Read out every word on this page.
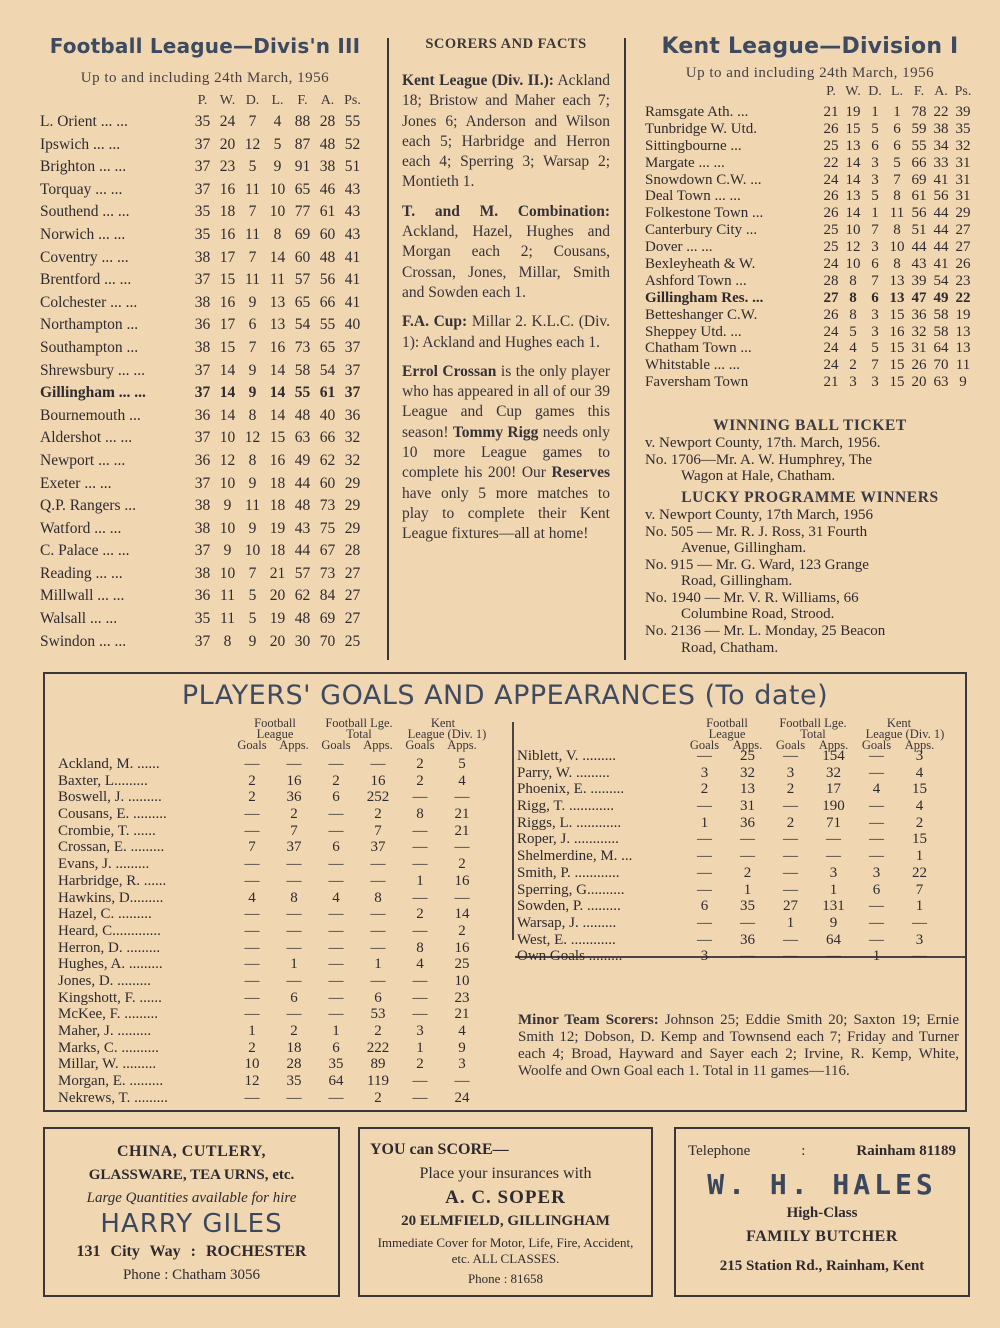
Football League—Divis'n III
Up to and including 24th March, 1956
P. W. D. L. F. A. Ps.
L. Orient ... ...	35 24 7	4 88 28 55
Ipswich ... ...	37 20 12 5 87 48 52
Brighton ... ...	37 23 5	9 91 38 51
Torquay ... ...	37 16 11 10 65 46 43
Southend ... ...	35 18 7 10 77 61 43
Norwich ... ...	35 16 11 8 69 60 43
Coventry ... ...	38 17 7 14 60 48 41
Brentford ... ...	37 15 11 11 57 56 41
Colchester ... ...	38 16 9 13 65 66 41
Northampton ...	36 17 6 13 54 55 40
Southampton ...	38 15 7 16 73 65 37
Shrewsbury ... ...	37 14 9 14 58 54 37
Gillingham ... ...	37 14 9 14 55 61 37
Bournemouth ...	36 14 8 14 48 40 36
Aldershot ... ...	37 10 12 15 63 66 32
Newport ... ...	36 12 8 16 49 62 32
Exeter ... ...	37 10 9 18 44 60 29
Q.P. Rangers ...	38 9 11 18 48 73 29
Watford ... ...	38 10 9 19 43 75 29
C. Palace ... ...	37 9 10 18 44 67 28
Reading ... ...	38 10 7 21 57 73 27
Millwall ... ...	36 11 5 20 62 84 27
Walsall ... ...	35 11 5 19 48 69 27
Swindon ... ...	37 8	9 20 30 70 25
SCORERS AND FACTS

Kent League (Div. II.): Ackland 18; Bristow and Maher each 7; Jones 6; Anderson and Wilson each 5; Harbridge and Herron each 4; Sperring 3; Warsap 2; Montieth 1.

T. and M. Combination: Ackland, Hazel, Hughes and Morgan each 2; Cousans, Crossan, Jones, Millar, Smith and Sowden each 1.

F.A. Cup: Millar 2. K.L.C. (Div. 1): Ackland and Hughes each 1.

Errol Crossan is the only player who has appeared in all of our 39 League and Cup games this season! Tommy Rigg needs only 10 more League games to complete his 200! Our Reserves have only 5 more matches to play to complete their Kent League fixtures—all at home!

Kent League—Division I
Up to and including 24th March, 1956
P. W. D. L. F. A. Ps.
Ramsgate Ath. ...	21 19 1 1 78 22 39
Tunbridge W. Utd.	26 15 5 6 59 38 35
Sittingbourne ...	25 13 6 6 55 34 32
Margate ... ...	22 14 3 5 66 33 31
Snowdown C.W. ...	24 14 3 7 69 41 31
Deal Town ... ...	26 13 5 8 61 56 31
Folkestone Town ...	26 14 1 11 56 44 29
Canterbury City ...	25 10 7 8 51 44 27
Dover ... ...	25 12 3 10 44 44 27
Bexleyheath & W.	24 10 6 8 43 41 26
Ashford Town ...	28 8 7 13 39 54 23
Gillingham Res. ...	27 8 6 13 47 49 22
Betteshanger C.W.	26 8 3 15 36 58 19
Sheppey Utd. ...	24 5 3 16 32 58 13
Chatham Town ...	24 4 5 15 31 64 13
Whitstable ... ...	24 2 7 15 26 70 11
Faversham Town	21 3 3 15 20 63 9
WINNING BALL TICKET

v. Newport County, 17th. March, 1956.

No. 1706—Mr. A. W. Humphrey, The

Wagon at Hale, Chatham.

LUCKY PROGRAMME WINNERS

v. Newport County, 17th March, 1956

No. 505 — Mr. R. J. Ross, 31 Fourth

Avenue, Gillingham.

No. 915 — Mr. G. Ward, 123 Grange

Road, Gillingham.

No. 1940 — Mr. V. R. Williams, 66

Columbine Road, Strood.

No. 2136 — Mr. L. Monday, 25 Beacon

Road, Chatham.

PLAYERS' GOALS AND APPEARANCES (To date)
Football
League
Football Lge.
Total
Kent
League (Div. 1)
Goals	Apps.	Goals	Apps.	Goals	Apps.
Ackland, M. ......	—	—	—	—	2	5
Baxter, L.........	2	16	2	16	2	4
Boswell, J. .........	2	36	6	252	—	—
Cousans, E. .........	—	2	—	2	8	21
Crombie, T. ......	—	7	—	7	—	21
Crossan, E. .........	7	37	6	37	—	—
Evans, J. .........	—	—	—	—	—	2
Harbridge, R. ......	—	—	—	—	1	16
Hawkins, D.........	4	8	4	8	—	—
Hazel, C. .........	—	—	—	—	2	14
Heard, C.............	—	—	—	—	—	2
Herron, D. .........	—	—	—	—	8	16
Hughes, A. .........	—	1	—	1	4	25
Jones, D. .........	—	—	—	—	—	10
Kingshott, F. ......	—	6	—	6	—	23
McKee, F. .........	—	—	—	53	—	21
Maher, J. .........	1	2	1	2	3	4
Marks, C. ..........	2	18	6	222	1	9
Millar, W. .........	10	28	35	89	2	3
Morgan, E. .........	12	35	64	119	—	—
Nekrews, T. .........	—	—	—	2	—	24
Football
League
Football Lge.
Total
Kent
League (Div. 1)
Goals	Apps.	Goals	Apps.	Goals	Apps.
Niblett, V. .........	—	25	—	154	—	3
Parry, W. .........	3	32	3	32	—	4
Phoenix, E. .........	2	13	2	17	4	15
Rigg, T. ............	—	31	—	190	—	4
Riggs, L. ............	1	36	2	71	—	2
Roper, J. ............	—	—	—	—	—	15
Shelmerdine, M. ...	—	—	—	—	—	1
Smith, P. ............	—	2	—	3	3	22
Sperring, G..........	—	1	—	1	6	7
Sowden, P. .........	6	35	27	131	—	1
Warsap, J. .........	—	—	1	9	—	—
West, E. ............	—	36	—	64	—	3
Own Goals .........	3	—	—	—	1	—
Minor Team Scorers: Johnson 25; Eddie Smith 20; Saxton 19; Ernie Smith 12; Dobson, D. Kemp and Townsend each 7; Friday and Turner each 4; Broad, Hayward and Sayer each 2; Irvine, R. Kemp, White, Woolfe and Own Goal each 1. Total in 11 games—116.
CHINA, CUTLERY,
GLASSWARE, TEA URNS, etc.
Large Quantities available for hire
HARRY GILES
131 City Way : ROCHESTER
Phone : Chatham 3056
YOU can SCORE—
Place your insurances with
A. C. SOPER
20 ELMFIELD, GILLINGHAM
Immediate Cover for Motor, Life, Fire, Accident, etc. ALL CLASSES.
Phone : 81658
Telephone	:	Rainham 81189
W. H. HALES
High-Class
FAMILY BUTCHER
215 Station Rd., Rainham, Kent
